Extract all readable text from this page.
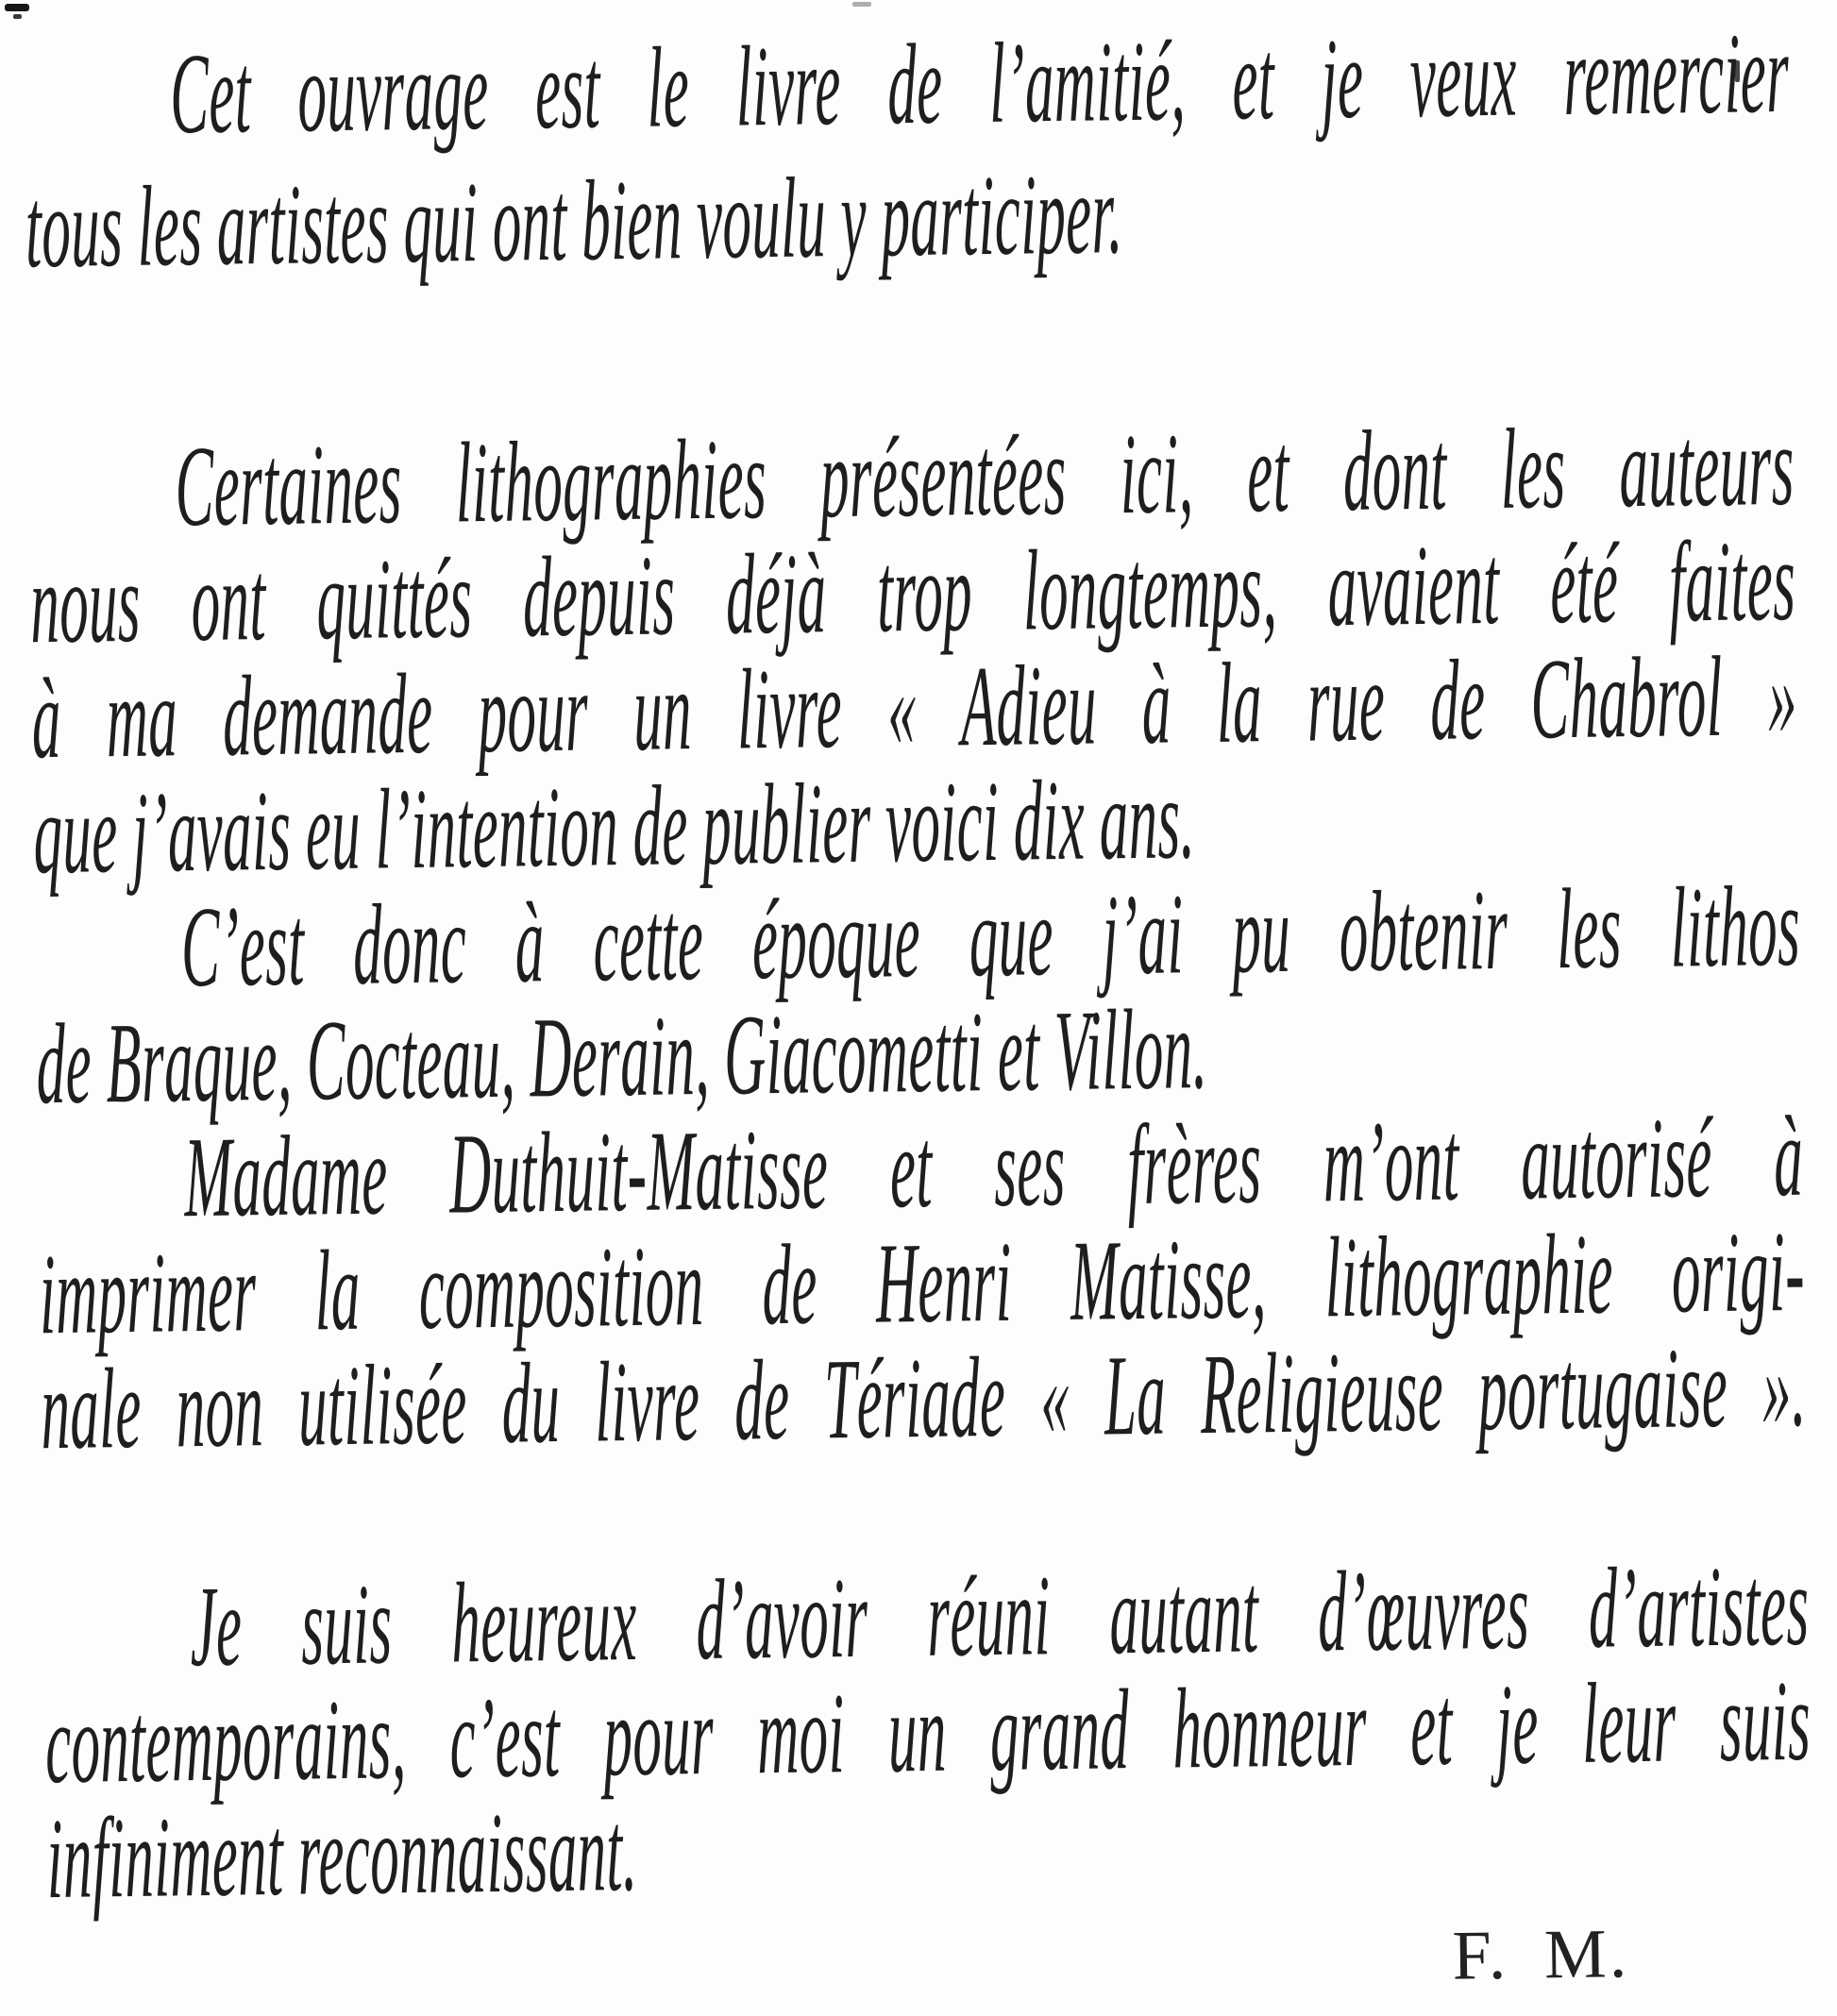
Cet ouvrage est le livre de l’amitié, et je veux remercier
tous les artistes qui ont bien voulu y participer.
Certaines lithographies présentées ici, et dont les auteurs
nous ont quittés depuis déjà trop longtemps, avaient été faites
à ma demande pour un livre « Adieu à la rue de Chabrol »
que j’avais eu l’intention de publier voici dix ans.
C’est donc à cette époque que j’ai pu obtenir les lithos
de Braque, Cocteau, Derain, Giacometti et Villon.
Madame Duthuit-Matisse et ses frères m’ont autorisé à
imprimer la composition de Henri Matisse, lithographie origi-
nale non utilisée du livre de Tériade « La Religieuse portugaise ».
Je suis heureux d’avoir réuni autant d’œuvres d’artistes
contemporains, c’est pour moi un grand honneur et je leur suis
infiniment reconnaissant.
F. M.
